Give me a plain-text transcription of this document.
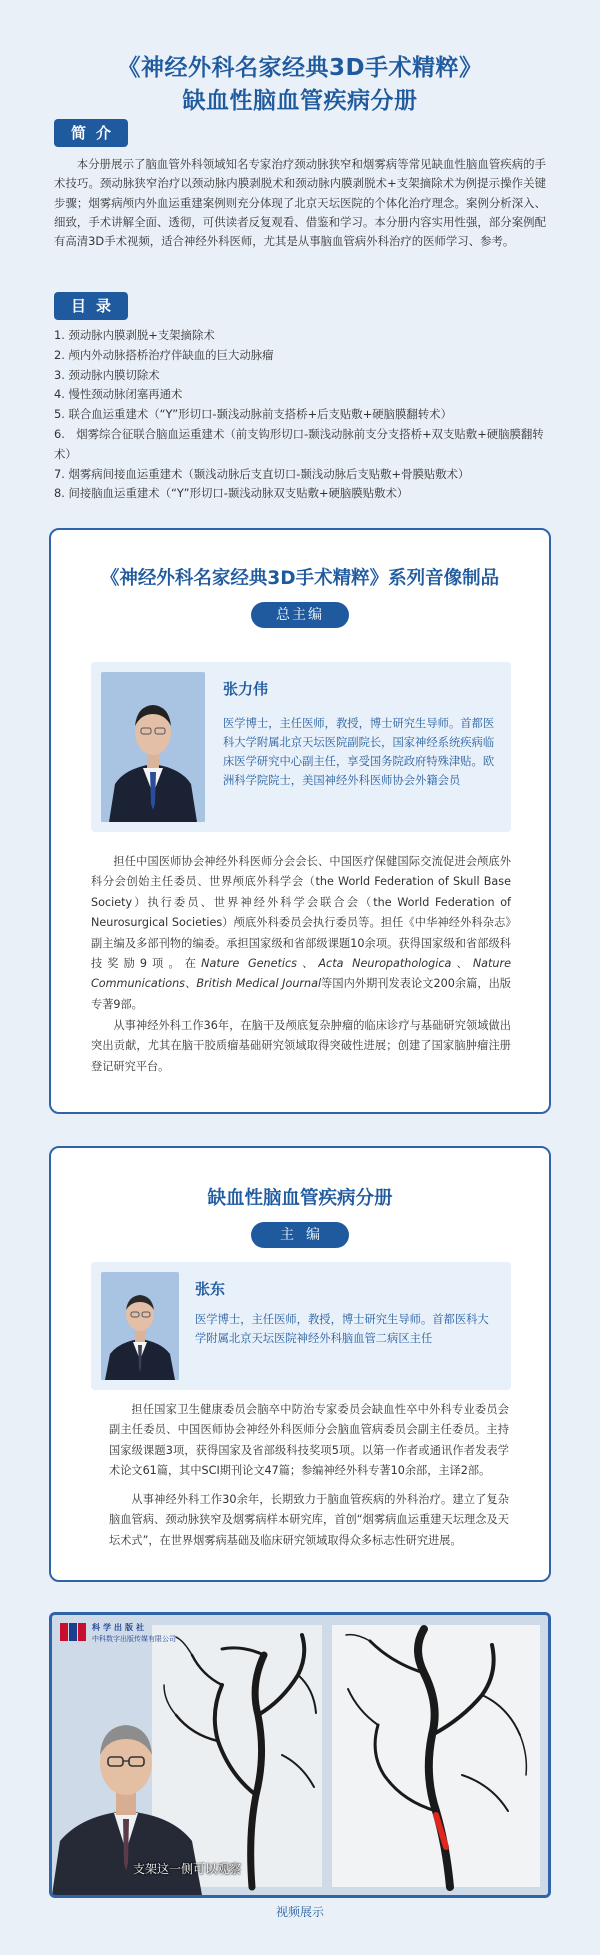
《神经外科名家经典3D手术精粹》
缺血性脑血管疾病分册
简介

本分册展示了脑血管外科领域知名专家治疗颈动脉狭窄和烟雾病等常见缺血性脑血管疾病的手术技巧。颈动脉狭窄治疗以颈动脉内膜剥脱术和颈动脉内膜剥脱术+支架摘除术为例提示操作关键步骤；烟雾病颅内外血运重建案例则充分体现了北京天坛医院的个体化治疗理念。案例分析深入、细致，手术讲解全面、透彻，可供读者反复观看、借鉴和学习。本分册内容实用性强，部分案例配有高清3D手术视频，适合神经外科医师，尤其是从事脑血管病外科治疗的医师学习、参考。

目录
1. 颈动脉内膜剥脱+支架摘除术
2. 颅内外动脉搭桥治疗伴缺血的巨大动脉瘤
3. 颈动脉内膜切除术
4. 慢性颈动脉闭塞再通术
5. 联合血运重建术（“Y”形切口-颞浅动脉前支搭桥+后支贴敷+硬脑膜翻转术）
6.　烟雾综合征联合脑血运重建术（前支钩形切口-颞浅动脉前支分支搭桥+双支贴敷+硬脑膜翻转术）
7. 烟雾病间接血运重建术（颞浅动脉后支直切口-颞浅动脉后支贴敷+骨膜贴敷术）
8. 间接脑血运重建术（“Y”形切口-颞浅动脉双支贴敷+硬脑膜贴敷术）
《神经外科名家经典3D手术精粹》系列音像制品
总主编
张力伟
医学博士，主任医师，教授，博士研究生导师。首都医科大学附属北京天坛医院副院长，国家神经系统疾病临床医学研究中心副主任，享受国务院政府特殊津贴。欧洲科学院院士，美国神经外科医师协会外籍会员

担任中国医师协会神经外科医师分会会长、中国医疗保健国际交流促进会颅底外科分会创始主任委员、世界颅底外科学会（the World Federation of Skull Base Society）执行委员、世界神经外科学会联合会（the World Federation of Neurosurgical Societies）颅底外科委员会执行委员等。担任《中华神经外科杂志》副主编及多部刊物的编委。承担国家级和省部级课题10余项。获得国家级和省部级科技奖励9项。在Nature Genetics、Acta Neuropathologica、Nature Communications、British Medical Journal等国内外期刊发表论文200余篇，出版专著9部。

从事神经外科工作36年，在脑干及颅底复杂肿瘤的临床诊疗与基础研究领域做出突出贡献，尤其在脑干胶质瘤基础研究领域取得突破性进展；创建了国家脑肿瘤注册登记研究平台。

缺血性脑血管疾病分册
主编
张东
医学博士，主任医师，教授，博士研究生导师。首都医科大学附属北京天坛医院神经外科脑血管二病区主任

担任国家卫生健康委员会脑卒中防治专家委员会缺血性卒中外科专业委员会副主任委员、中国医师协会神经外科医师分会脑血管病委员会副主任委员。主持国家级课题3项，获得国家及省部级科技奖项5项。以第一作者或通讯作者发表学术论文61篇，其中SCI期刊论文47篇；参编神经外科专著10余部，主译2部。

从事神经外科工作30余年，长期致力于脑血管疾病的外科治疗。建立了复杂脑血管病、颈动脉狭窄及烟雾病样本研究库，首创“烟雾病血运重建天坛理念及天坛术式”，在世界烟雾病基础及临床研究领域取得众多标志性研究进展。

科学出版社
中科数字出版传媒有限公司
支架这一侧可以观察
视频展示
